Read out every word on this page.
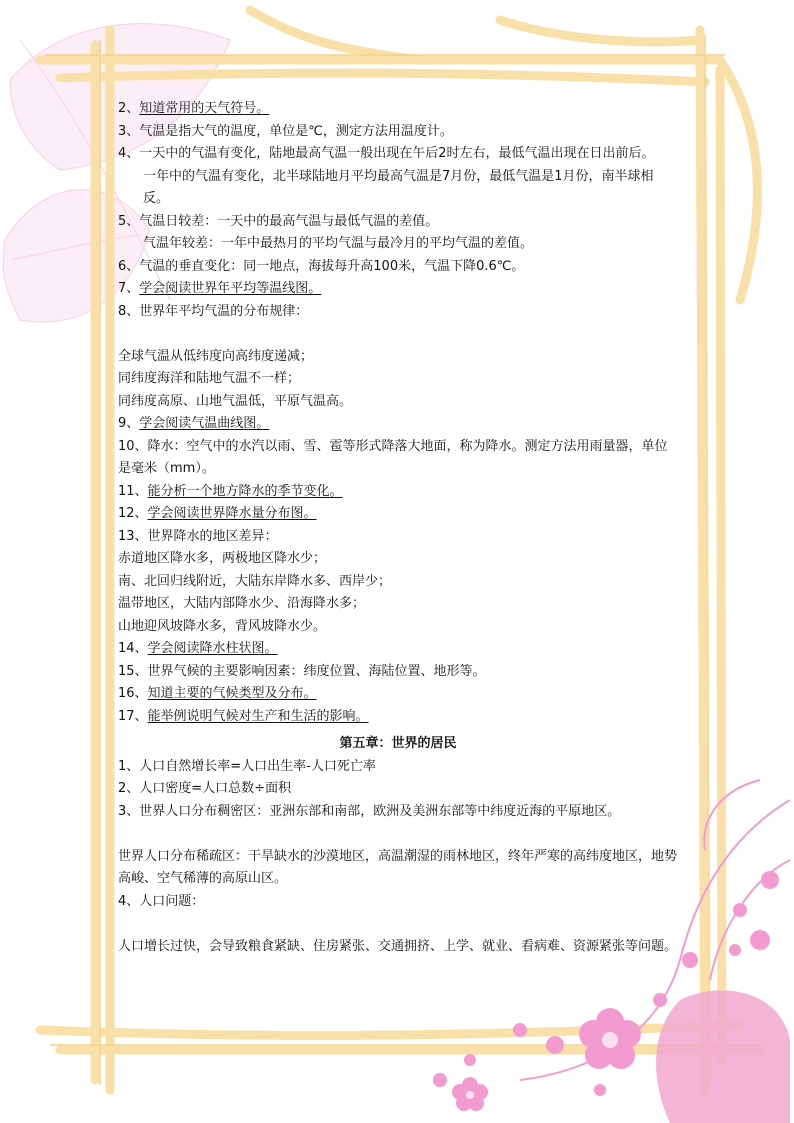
2、知道常用的天气符号。
3、气温是指大气的温度，单位是℃，测定方法用温度计。
4、一天中的气温有变化，陆地最高气温一般出现在午后2时左右，最低气温出现在日出前后。
一年中的气温有变化，北半球陆地月平均最高气温是7月份，最低气温是1月份，南半球相反。
5、气温日较差：一天中的最高气温与最低气温的差值。
气温年较差：一年中最热月的平均气温与最冷月的平均气温的差值。
6、气温的垂直变化：同一地点，海拔每升高100米，气温下降0.6℃。
7、学会阅读世界年平均等温线图。
8、世界年平均气温的分布规律：
全球气温从低纬度向高纬度递减；
同纬度海洋和陆地气温不一样；
同纬度高原、山地气温低，平原气温高。
9、学会阅读气温曲线图。
10、降水：空气中的水汽以雨、雪、雹等形式降落大地面，称为降水。测定方法用雨量器，单位是毫米（mm）。
11、能分析一个地方降水的季节变化。
12、学会阅读世界降水量分布图。
13、世界降水的地区差异：
赤道地区降水多，两极地区降水少；
南、北回归线附近，大陆东岸降水多、西岸少；
温带地区，大陆内部降水少、沿海降水多；
山地迎风坡降水多，背风坡降水少。
14、学会阅读降水柱状图。
15、世界气候的主要影响因素：纬度位置、海陆位置、地形等。
16、知道主要的气候类型及分布。
17、能举例说明气候对生产和生活的影响。
第五章：世界的居民
1、人口自然增长率=人口出生率-人口死亡率
2、人口密度=人口总数÷面积
3、世界人口分布稠密区：亚洲东部和南部，欧洲及美洲东部等中纬度近海的平原地区。
世界人口分布稀疏区：干旱缺水的沙漠地区，高温潮湿的雨林地区，终年严寒的高纬度地区，地势高峻、空气稀薄的高原山区。
4、人口问题：
人口增长过快，会导致粮食紧缺、住房紧张、交通拥挤、上学、就业、看病难、资源紧张等问题。
